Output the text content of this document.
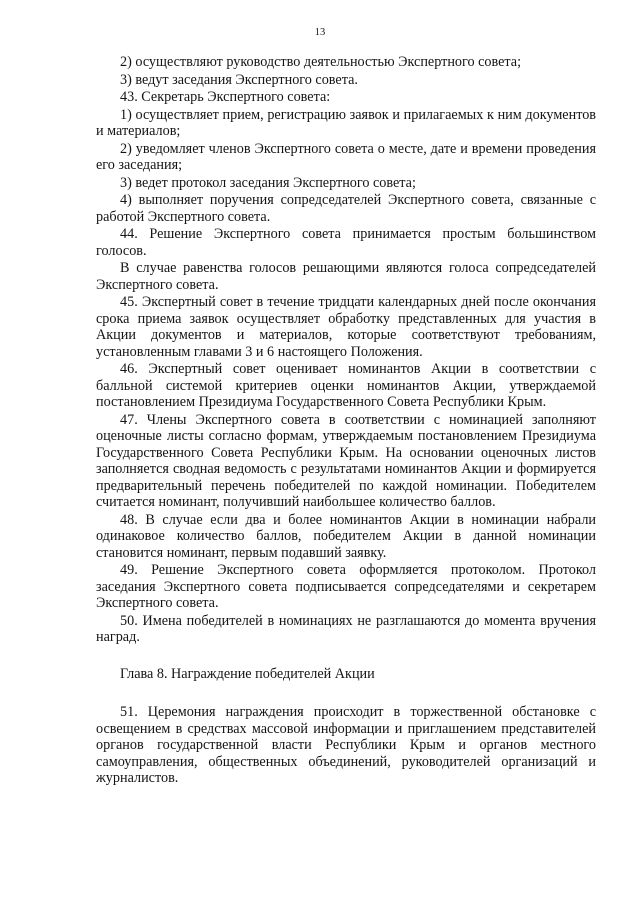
13

2) осуществляют руководство деятельностью Экспертного совета;

3) ведут заседания Экспертного совета.

43. Секретарь Экспертного совета:

1) осуществляет прием, регистрацию заявок и прилагаемых к ним документов и материалов;

2) уведомляет членов Экспертного совета о месте, дате и времени проведения его заседания;

3) ведет протокол заседания Экспертного совета;

4) выполняет поручения сопредседателей Экспертного совета, связанные с работой Экспертного совета.

44. Решение Экспертного совета принимается простым большинством голосов.

В случае равенства голосов решающими являются голоса сопредседателей Экспертного совета.

45. Экспертный совет в течение тридцати календарных дней после окончания срока приема заявок осуществляет обработку представленных для участия в Акции документов и материалов, которые соответствуют требованиям, установленным главами 3 и 6 настоящего Положения.

46. Экспертный совет оценивает номинантов Акции в соответствии с балльной системой критериев оценки номинантов Акции, утверждаемой постановлением Президиума Государственного Совета Республики Крым.

47. Члены Экспертного совета в соответствии с номинацией заполняют оценочные листы согласно формам, утверждаемым постановлением Президиума Государственного Совета Республики Крым. На основании оценочных листов заполняется сводная ведомость с результатами номинантов Акции и формируется предварительный перечень победителей по каждой номинации. Победителем считается номинант, получивший наибольшее количество баллов.

48. В случае если два и более номинантов Акции в номинации набрали одинаковое количество баллов, победителем Акции в данной номинации становится номинант, первым подавший заявку.

49. Решение Экспертного совета оформляется протоколом. Протокол заседания Экспертного совета подписывается сопредседателями и секретарем Экспертного совета.

50. Имена победителей в номинациях не разглашаются до момента вручения наград.

Глава 8. Награждение победителей Акции

51. Церемония награждения происходит в торжественной обстановке с освещением в средствах массовой информации и приглашением представителей органов государственной власти Республики Крым и органов местного самоуправления, общественных объединений, руководителей организаций и журналистов.
